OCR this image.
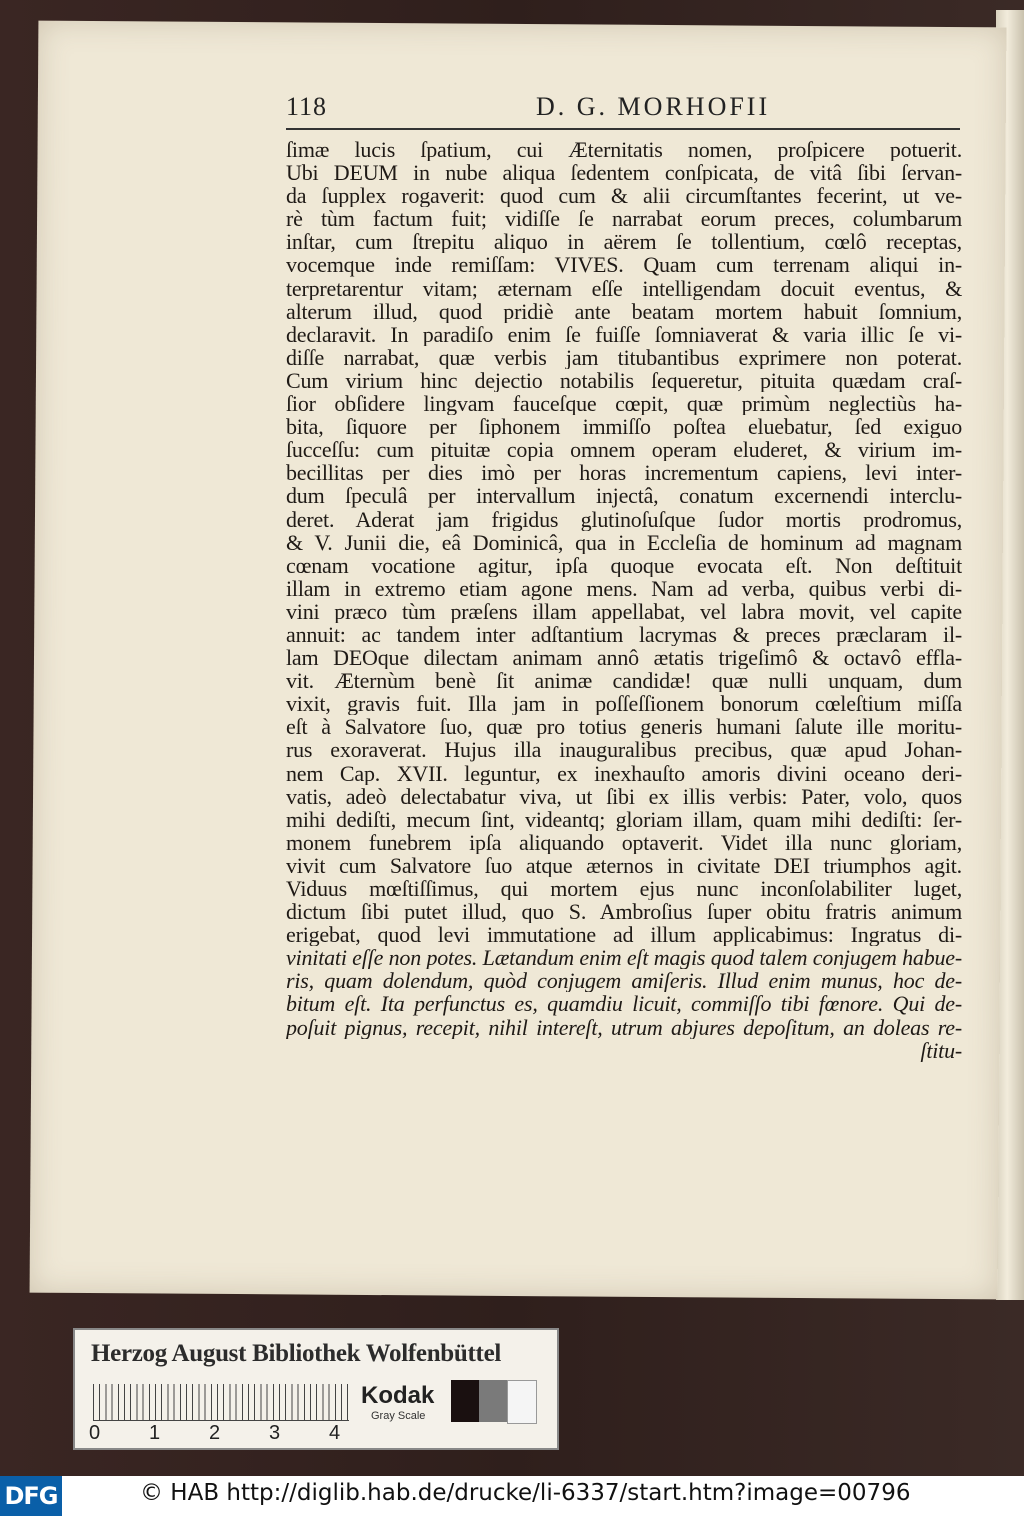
118	D. G. MORHOFII
ſimæ lucis ſpatium, cui Æternitatis nomen, proſpicere potuerit.
Ubi DEUM in nube aliqua ſedentem conſpicata, de vitâ ſibi ſervan-
da ſupplex rogaverit: quod cum & alii circumſtantes fecerint, ut ve-
rè tùm factum fuit; vidiſſe ſe narrabat eorum preces, columbarum
inſtar, cum ſtrepitu aliquo in aërem ſe tollentium, cœlô receptas,
vocemque inde remiſſam: VIVES. Quam cum terrenam aliqui in-
terpretarentur vitam; æternam eſſe intelligendam docuit eventus, &
alterum illud, quod pridiè ante beatam mortem habuit ſomnium,
declaravit. In paradiſo enim ſe fuiſſe ſomniaverat & varia illic ſe vi-
diſſe narrabat, quæ verbis jam titubantibus exprimere non poterat.
Cum virium hinc dejectio notabilis ſequeretur, pituita quædam craſ-
ſior obſidere lingvam fauceſque cœpit, quæ primùm neglectiùs ha-
bita, ſiquore per ſiphonem immiſſo poſtea eluebatur, ſed exiguo
ſucceſſu: cum pituitæ copia omnem operam eluderet, & virium im-
becillitas per dies imò per horas incrementum capiens, levi inter-
dum ſpeculâ per intervallum injectâ, conatum excernendi interclu-
deret. Aderat jam frigidus glutinoſuſque ſudor mortis prodromus,
& V. Junii die, eâ Dominicâ, qua in Eccleſia de hominum ad magnam
cœnam vocatione agitur, ipſa quoque evocata eſt. Non deſtituit
illam in extremo etiam agone mens. Nam ad verba, quibus verbi di-
vini præco tùm præſens illam appellabat, vel labra movit, vel capite
annuit: ac tandem inter adſtantium lacrymas & preces præclaram il-
lam DEOque dilectam animam annô ætatis trigeſimô & octavô effla-
vit. Æternùm benè ſit animæ candidæ! quæ nulli unquam, dum
vixit, gravis fuit. Illa jam in poſſeſſionem bonorum cœleſtium miſſa
eſt à Salvatore ſuo, quæ pro totius generis humani ſalute ille moritu-
rus exoraverat. Hujus illa inauguralibus precibus, quæ apud Johan-
nem Cap. XVII. leguntur, ex inexhauſto amoris divini oceano deri-
vatis, adeò delectabatur viva, ut ſibi ex illis verbis: Pater, volo, quos
mihi dediſti, mecum ſint, videantq; gloriam illam, quam mihi dediſti: ſer-
monem funebrem ipſa aliquando optaverit. Videt illa nunc gloriam,
vivit cum Salvatore ſuo atque æternos in civitate DEI triumphos agit.
Viduus mœſtiſſimus, qui mortem ejus nunc inconſolabiliter luget,
dictum ſibi putet illud, quo S. Ambroſius ſuper obitu fratris animum
erigebat, quod levi immutatione ad illum applicabimus: Ingratus di-
vinitati eſſe non potes. Lætandum enim eſt magis quod talem conjugem habue-
ris, quam dolendum, quòd conjugem amiſeris. Illud enim munus, hoc de-
bitum eſt. Ita perfunctus es, quamdiu licuit, commiſſo tibi fœnore. Qui de-
poſuit pignus, recepit, nihil intereſt, utrum abjures depoſitum, an doleas re-
ſtitu-
Herzog August Bibliothek Wolfenbüttel
0 1 2 3 4
Kodak
Gray Scale
DFG	© HAB http://diglib.hab.de/drucke/li-6337/start.htm?image=00796
